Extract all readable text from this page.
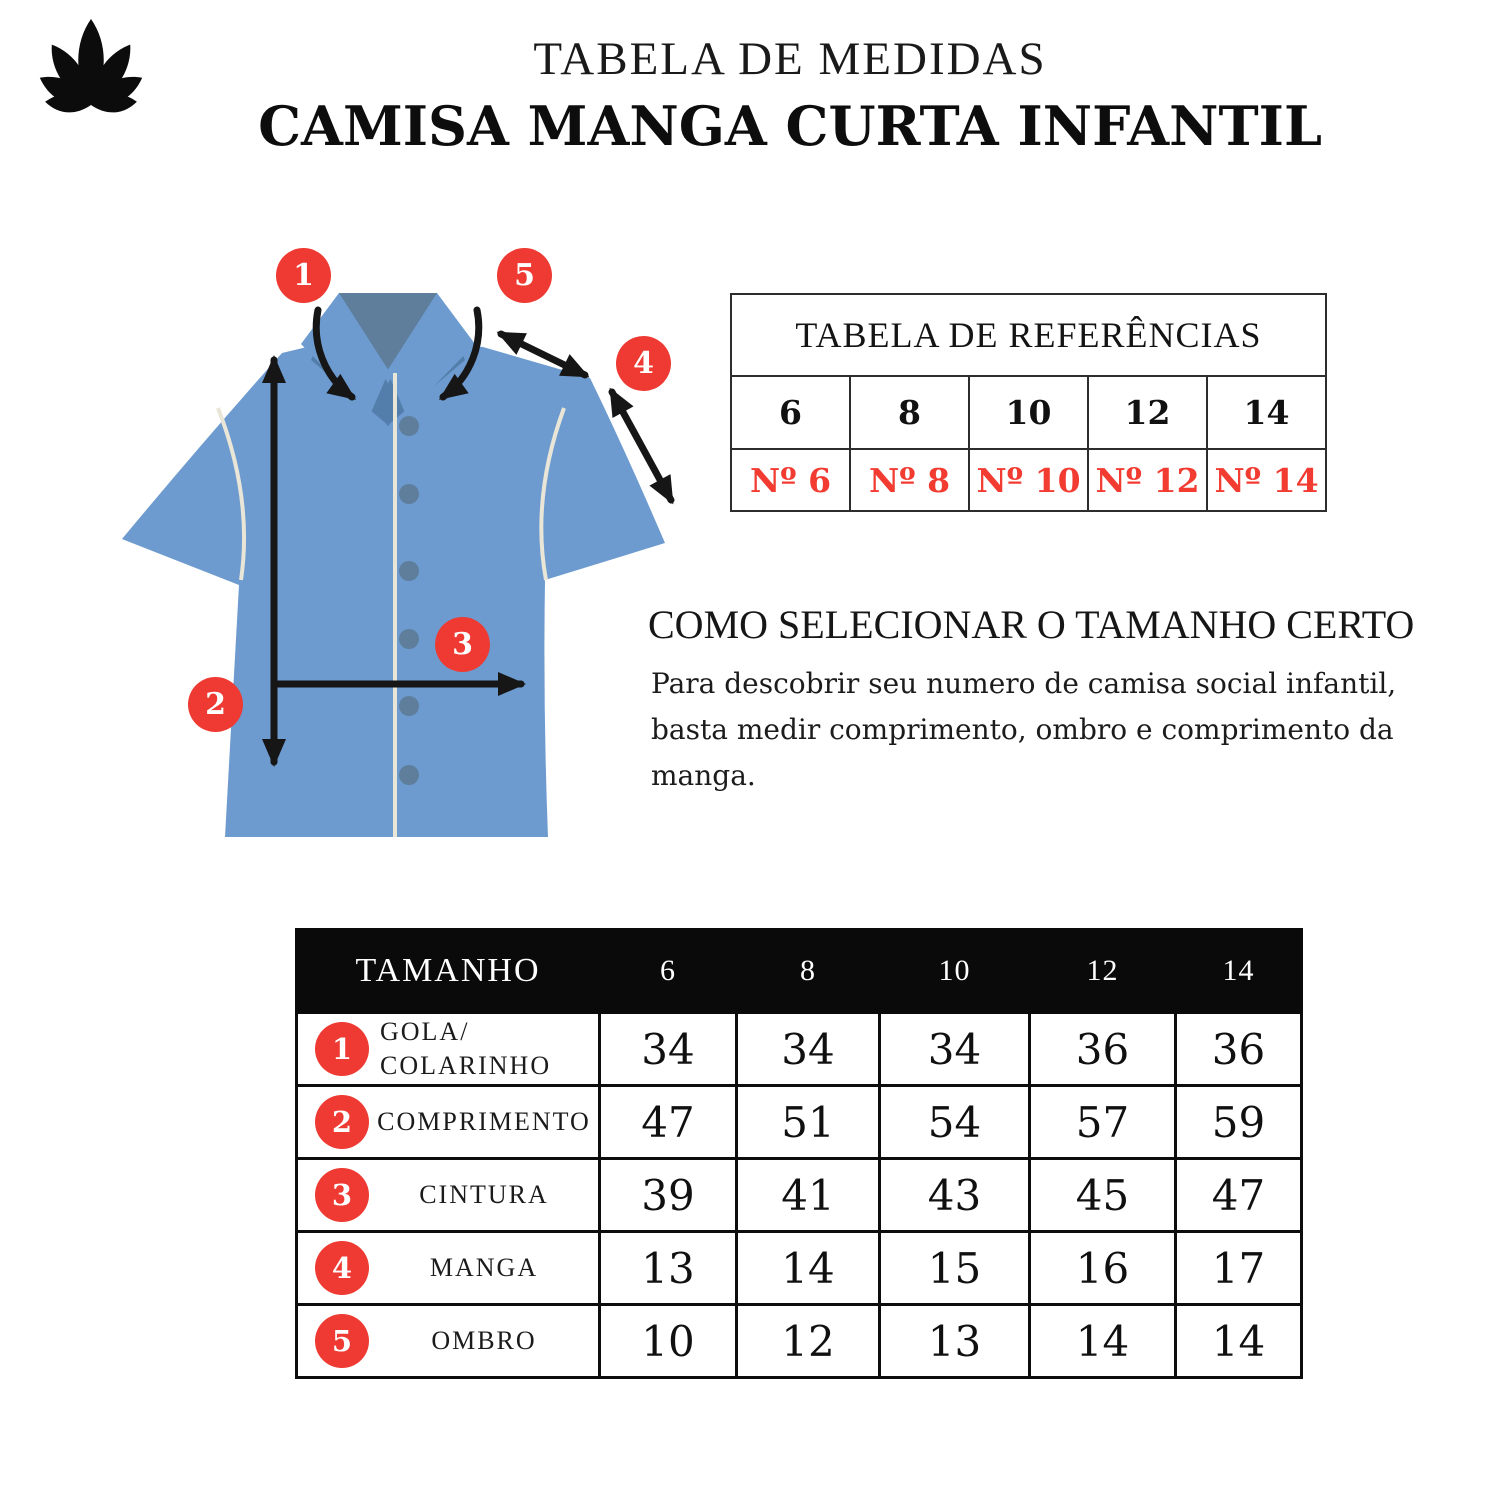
TABELA DE MEDIDAS
CAMISA MANGA CURTA INFANTIL
1
2
3
4
5
TABELA DE REFERÊNCIAS				
6	8	10	12	14
Nº 6	Nº 8	Nº 10	Nº 12	Nº 14
COMO SELECIONAR O TAMANHO CERTO
Para descobrir seu numero de camisa social infantil,
basta medir comprimento, ombro e comprimento da
manga.
TAMANHO	6	8	10	12	14

1
GOLA/
COLARINHO	34	34	34	36	36

2 COMPRIMENTO	47	51	54	57	59

3 CINTURA	39	41	43	45	47

4 MANGA	13	14	15	16	17

5 OMBRO	10	12	13	14	14
